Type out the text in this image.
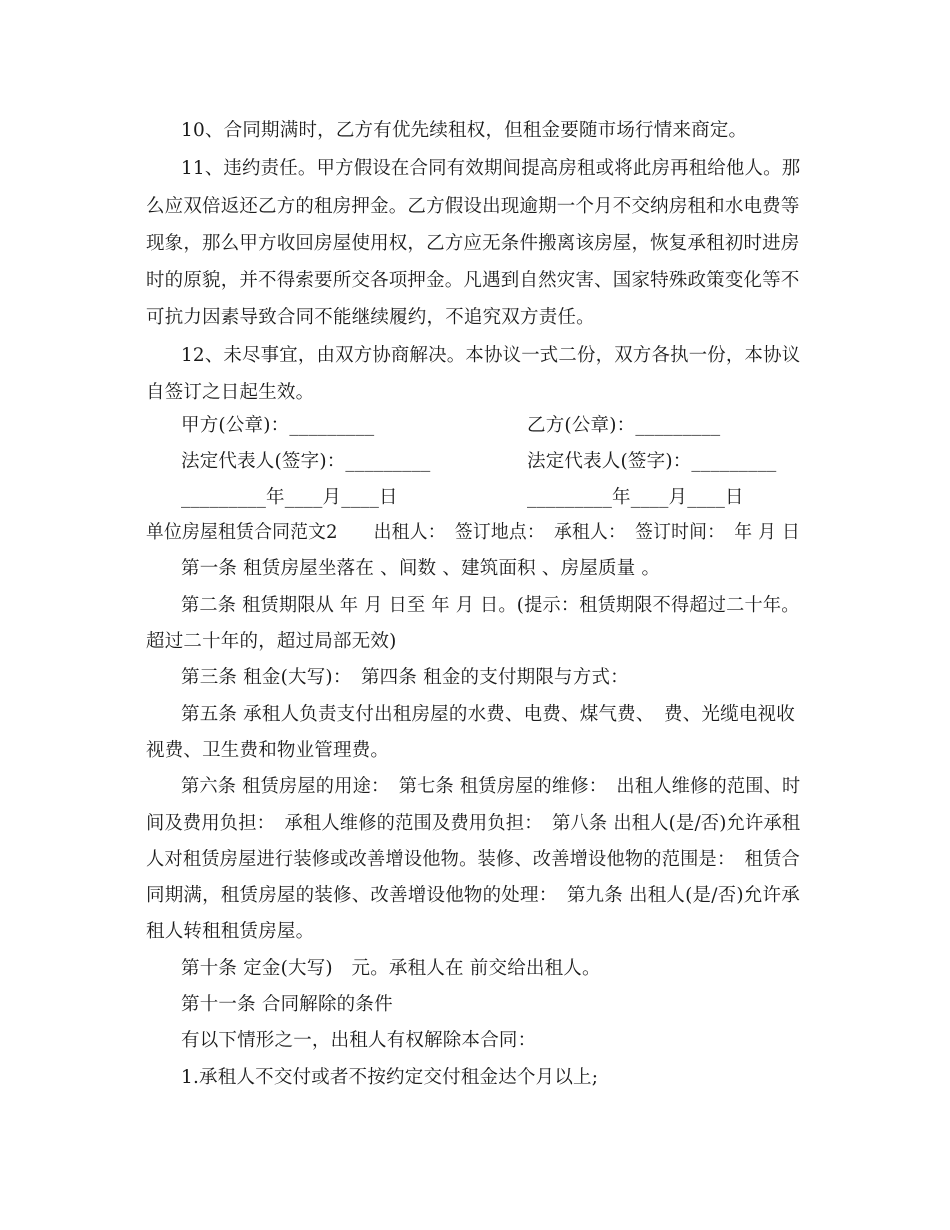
10、合同期满时，乙方有优先续租权，但租金要随市场行情来商定。
11、违约责任。甲方假设在合同有效期间提高房租或将此房再租给他人。那
么应双倍返还乙方的租房押金。乙方假设出现逾期一个月不交纳房租和水电费等
现象，那么甲方收回房屋使用权，乙方应无条件搬离该房屋，恢复承租初时进房
时的原貌，并不得索要所交各项押金。凡遇到自然灾害、国家特殊政策变化等不
可抗力因素导致合同不能继续履约，不追究双方责任。
12、未尽事宜，由双方协商解决。本协议一式二份，双方各执一份，本协议
自签订之日起生效。
甲方(公章)：_________	乙方(公章)：_________
法定代表人(签字)：_________	法定代表人(签字)：_________
_________年____月____日	_________年____月____日
单位房屋租赁合同范文2　　出租人：　签订地点：　承租人：　签订时间：　年 月 日
第一条 租赁房屋坐落在 、间数 、建筑面积 、房屋质量 。
第二条 租赁期限从 年 月 日至 年 月 日。(提示：租赁期限不得超过二十年。
超过二十年的，超过局部无效)
第三条 租金(大写)：　第四条 租金的支付期限与方式：
第五条 承租人负责支付出租房屋的水费、电费、煤气费、　费、光缆电视收
视费、卫生费和物业管理费。
第六条 租赁房屋的用途：　第七条 租赁房屋的维修：　出租人维修的范围、时
间及费用负担：　承租人维修的范围及费用负担：　第八条 出租人(是/否)允许承租
人对租赁房屋进行装修或改善增设他物。装修、改善增设他物的范围是：　租赁合
同期满，租赁房屋的装修、改善增设他物的处理：　第九条 出租人(是/否)允许承
租人转租租赁房屋。
第十条 定金(大写)　元。承租人在 前交给出租人。
第十一条 合同解除的条件
有以下情形之一，出租人有权解除本合同：
1.承租人不交付或者不按约定交付租金达个月以上;
